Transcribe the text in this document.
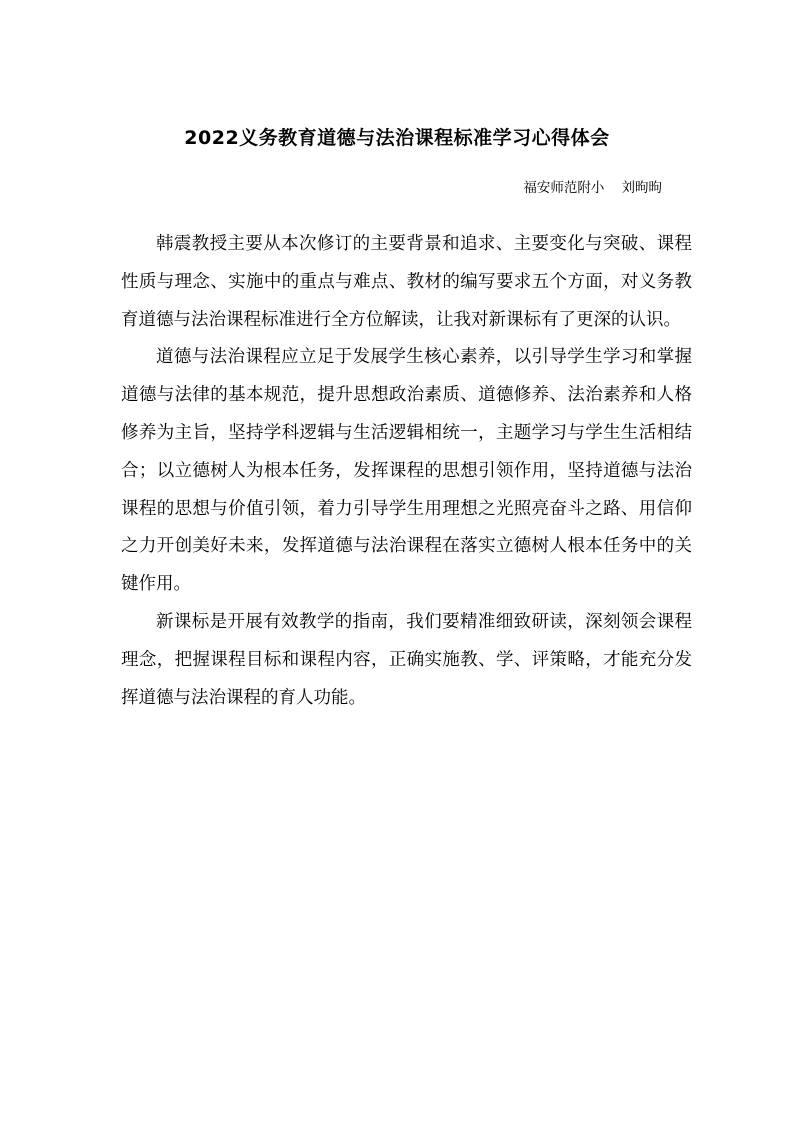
2022义务教育道德与法治课程标准学习心得体会
福安师范附小    刘昫昫

韩震教授主要从本次修订的主要背景和追求、主要变化与突破、课程性质与理念、实施中的重点与难点、教材的编写要求五个方面，对义务教育道德与法治课程标准进行全方位解读，让我对新课标有了更深的认识。

道德与法治课程应立足于发展学生核心素养，以引导学生学习和掌握道德与法律的基本规范，提升思想政治素质、道德修养、法治素养和人格修养为主旨，坚持学科逻辑与生活逻辑相统一，主题学习与学生生活相结合；以立德树人为根本任务，发挥课程的思想引领作用，坚持道德与法治课程的思想与价值引领，着力引导学生用理想之光照亮奋斗之路、用信仰之力开创美好未来，发挥道德与法治课程在落实立德树人根本任务中的关键作用。

新课标是开展有效教学的指南，我们要精准细致研读，深刻领会课程理念，把握课程目标和课程内容，正确实施教、学、评策略，才能充分发挥道德与法治课程的育人功能。
